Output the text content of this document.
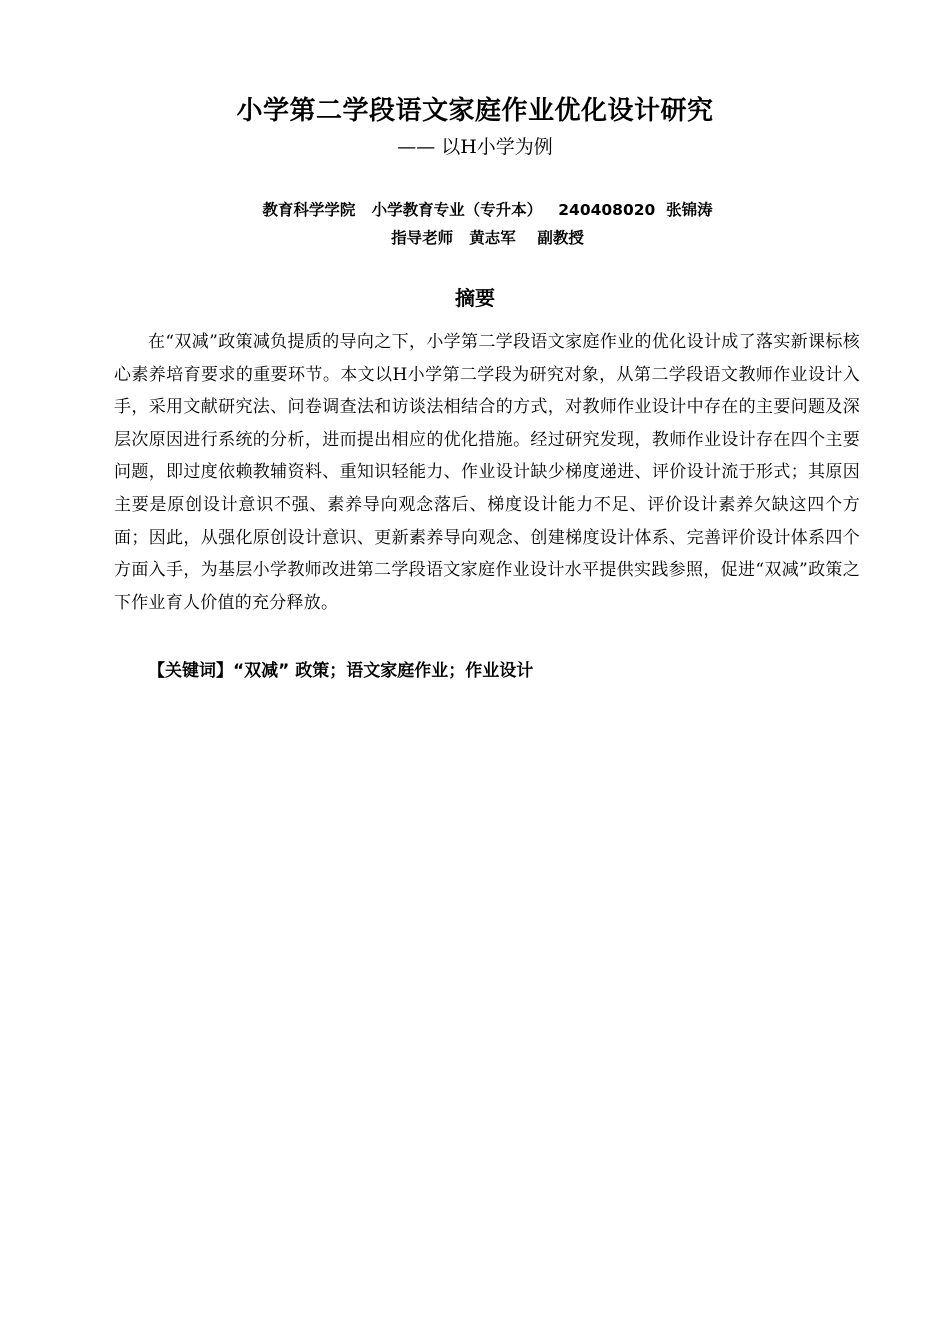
小学第二学段语文家庭作业优化设计研究
—— 以H小学为例
教育科学学院   小学教育专业（专升本）   240408020  张锦涛
指导老师   黄志军    副教授
摘要

在“双减”政策减负提质的导向之下，小学第二学段语文家庭作业的优化设计成了落实新课标核心素养培育要求的重要环节。本文以H小学第二学段为研究对象，从第二学段语文教师作业设计入手，采用文献研究法、问卷调查法和访谈法相结合的方式，对教师作业设计中存在的主要问题及深层次原因进行系统的分析，进而提出相应的优化措施。经过研究发现，教师作业设计存在四个主要问题，即过度依赖教辅资料、重知识轻能力、作业设计缺少梯度递进、评价设计流于形式；其原因主要是原创设计意识不强、素养导向观念落后、梯度设计能力不足、评价设计素养欠缺这四个方面；因此，从强化原创设计意识、更新素养导向观念、创建梯度设计体系、完善评价设计体系四个方面入手，为基层小学教师改进第二学段语文家庭作业设计水平提供实践参照，促进“双减”政策之下作业育人价值的充分释放。

【关键词】“双减” 政策；语文家庭作业；作业设计
